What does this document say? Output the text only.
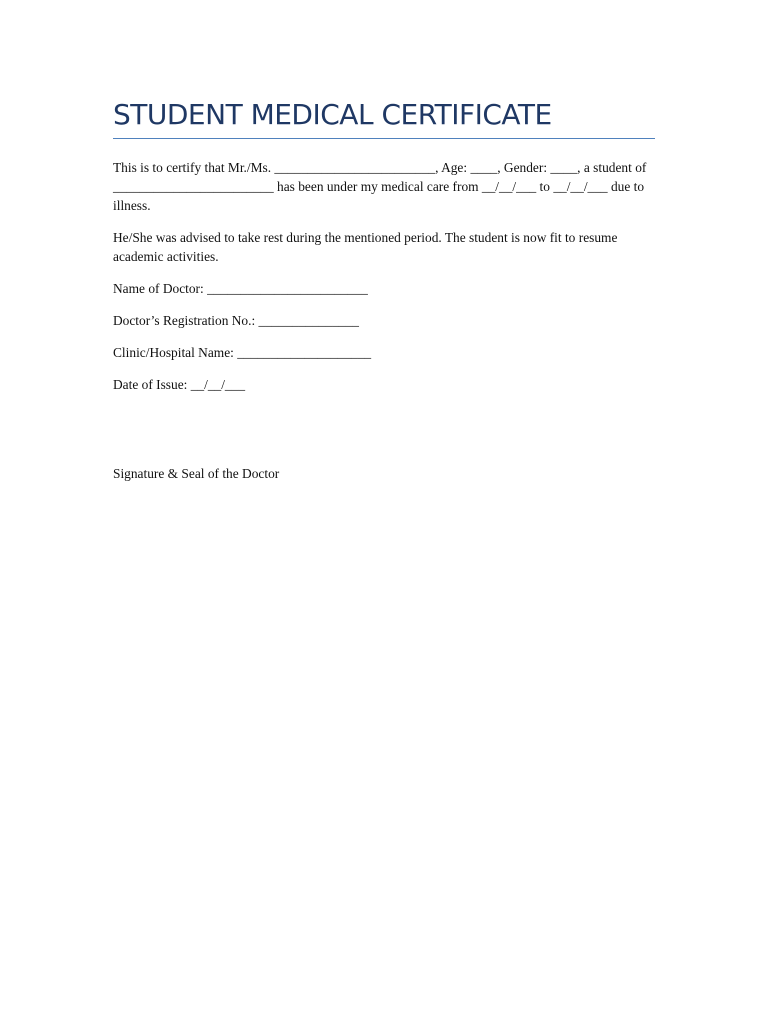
STUDENT MEDICAL CERTIFICATE

This is to certify that Mr./Ms. ________________________, Age: ____, Gender: ____, a student of ________________________ has been under my medical care from __/__/___ to __/__/___ due to illness.

He/She was advised to take rest during the mentioned period. The student is now fit to resume academic activities.

Name of Doctor: ________________________

Doctor’s Registration No.: _______________

Clinic/Hospital Name: ____________________

Date of Issue: __/__/___

Signature & Seal of the Doctor
